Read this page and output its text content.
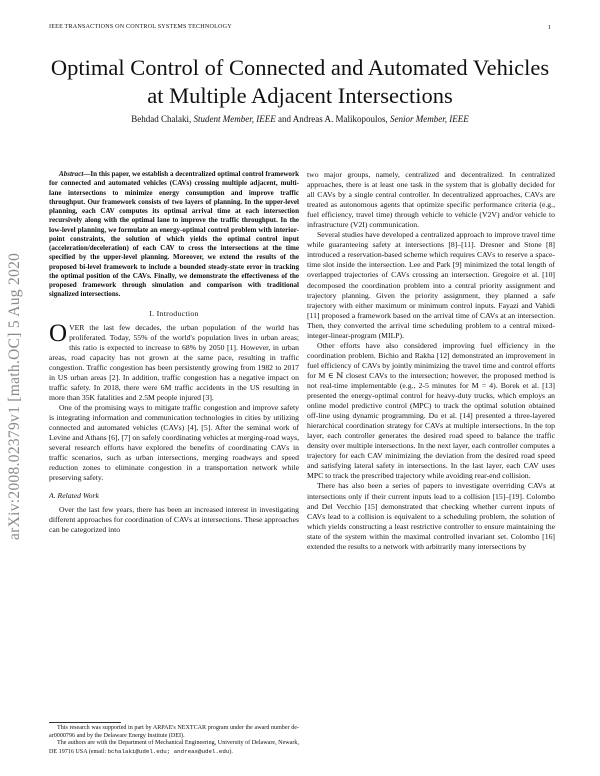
IEEE TRANSACTIONS ON CONTROL SYSTEMS TECHNOLOGY	1
arXiv:2008.02379v1 [math.OC] 5 Aug 2020
Optimal Control of Connected and Automated Vehicles at Multiple Adjacent Intersections
Behdad Chalaki, Student Member, IEEE and Andreas A. Malikopoulos, Senior Member, IEEE

Abstract—In this paper, we establish a decentralized optimal control framework for connected and automated vehicles (CAVs) crossing multiple adjacent, multi-lane intersections to minimize energy consumption and improve traffic throughput. Our framework consists of two layers of planning. In the upper-level planning, each CAV computes its optimal arrival time at each intersection recursively along with the optimal lane to improve the traffic throughput. In the low-level planning, we formulate an energy-optimal control problem with interior-point constraints, the solution of which yields the optimal control input (acceleration/deceleration) of each CAV to cross the intersections at the time specified by the upper-level planning. Moreover, we extend the results of the proposed bi-level framework to include a bounded steady-state error in tracking the optimal position of the CAVs. Finally, we demonstrate the effectiveness of the proposed framework through simulation and comparison with traditional signalized intersections.

I. Introduction

OVER the last few decades, the urban population of the world has proliferated. Today, 55% of the world's population lives in urban areas; this ratio is expected to increase to 68% by 2050 [1]. However, in urban areas, road capacity has not grown at the same pace, resulting in traffic congestion. Traffic congestion has been persistently growing from 1982 to 2017 in US urban areas [2]. In addition, traffic congestion has a negative impact on traffic safety. In 2018, there were 6M traffic accidents in the US resulting in more than 35K fatalities and 2.5M people injured [3].

One of the promising ways to mitigate traffic congestion and improve safety is integrating information and communication technologies in cities by utilizing connected and automated vehicles (CAVs) [4], [5]. After the seminal work of Levine and Athans [6], [7] on safely coordinating vehicles at merging-road ways, several research efforts have explored the benefits of coordinating CAVs in traffic scenarios, such as urban intersections, merging roadways and speed reduction zones to eliminate congestion in a transportation network while preserving safety.

A. Related Work

Over the last few years, there has been an increased interest in investigating different approaches for coordination of CAVs at intersections. These approaches can be categorized into

two major groups, namely, centralized and decentralized. In centralized approaches, there is at least one task in the system that is globally decided for all CAVs by a single central controller. In decentralized approaches, CAVs are treated as autonomous agents that optimize specific performance criteria (e.g., fuel efficiency, travel time) through vehicle to vehicle (V2V) and/or vehicle to infrastructure (V2I) communication.

Several studies have developed a centralized approach to improve travel time while guaranteeing safety at intersections [8]–[11]. Dresner and Stone [8] introduced a reservation-based scheme which requires CAVs to reserve a space-time slot inside the intersection. Lee and Park [9] minimized the total length of overlapped trajectories of CAVs crossing an intersection. Gregoire et al. [10] decomposed the coordination problem into a central priority assignment and trajectory planning. Given the priority assignment, they planned a safe trajectory with either maximum or minimum control inputs. Fayazi and Vahidi [11] proposed a framework based on the arrival time of CAVs at an intersection. Then, they converted the arrival time scheduling problem to a central mixed-integer-linear-program (MILP).

Other efforts have also considered improving fuel efficiency in the coordination problem. Bichio and Rakha [12] demonstrated an improvement in fuel efficiency of CAVs by jointly minimizing the travel time and control efforts for M ∈ ℕ closest CAVs to the intersection; however, the proposed method is not real-time implementable (e.g., 2-5 minutes for M = 4). Borek et al. [13] presented the energy-optimal control for heavy-duty trucks, which employs an online model predictive control (MPC) to track the optimal solution obtained off-line using dynamic programming. Du et al. [14] presented a three-layered hierarchical coordination strategy for CAVs at multiple intersections. In the top layer, each controller generates the desired road speed to balance the traffic density over multiple intersections. In the next layer, each controller computes a trajectory for each CAV minimizing the deviation from the desired road speed and satisfying lateral safety in intersections. In the last layer, each CAV uses MPC to track the prescribed trajectory while avoiding rear-end collision.

There has also been a series of papers to investigate overriding CAVs at intersections only if their current inputs lead to a collision [15]–[19]. Colombo and Del Vecchio [15] demonstrated that checking whether current inputs of CAVs lead to a collision is equivalent to a scheduling problem, the solution of which yields constructing a least restrictive controller to ensure maintaining the state of the system within the maximal controlled invariant set. Colombo [16] extended the results to a network with arbitrarily many intersections by

This research was supported in part by ARPAE's NEXTCAR program under the award number de-ar0000796 and by the Delaware Energy Institute (DEI).

The authors are with the Department of Mechanical Engineering, University of Delaware, Newark, DE 19716 USA (email: bchalaki@udel.edu; andreas@udel.edu).
